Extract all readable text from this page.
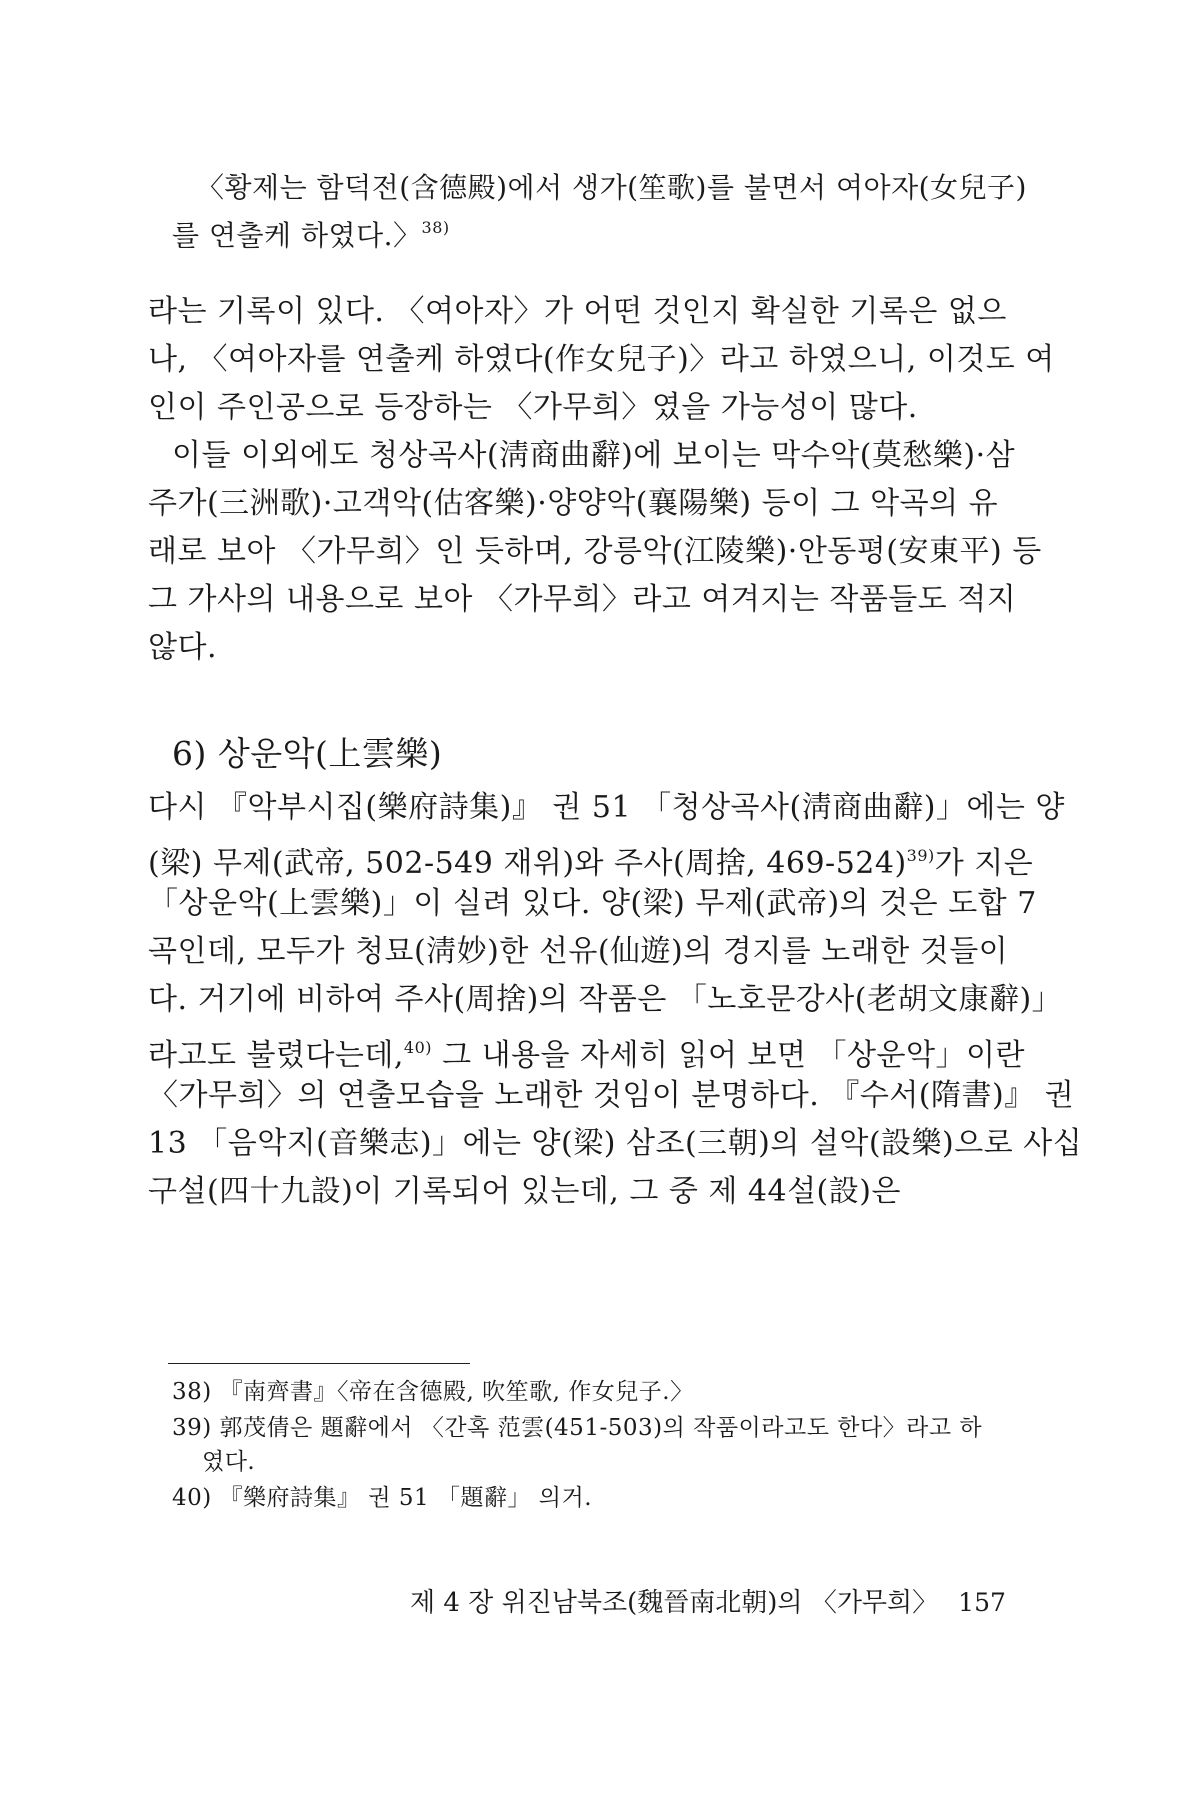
〈황제는 함덕전(含德殿)에서 생가(笙歌)를 불면서 여아자(女兒子)
를 연출케 하였다.〉$^{38)}$
라는 기록이 있다. 〈여아자〉가 어떤 것인지 확실한 기록은 없으
나, 〈여아자를 연출케 하였다(作女兒子)〉라고 하였으니, 이것도 여
인이 주인공으로 등장하는 〈가무희〉였을 가능성이 많다.
이들 이외에도 청상곡사(淸商曲辭)에 보이는 막수악(莫愁樂)·삼
주가(三洲歌)·고객악(估客樂)·양양악(襄陽樂) 등이 그 악곡의 유
래로 보아 〈가무희〉인 듯하며, 강릉악(江陵樂)·안동평(安東平) 등
그 가사의 내용으로 보아 〈가무희〉라고 여겨지는 작품들도 적지
않다.
6) 상운악(上雲樂)
다시 『악부시집(樂府詩集)』 권 51 「청상곡사(淸商曲辭)」에는 양
(梁) 무제(武帝, 502-549 재위)와 주사(周捨, 469-524)$^{39)}$가 지은
「상운악(上雲樂)」이 실려 있다. 양(梁) 무제(武帝)의 것은 도합 7
곡인데, 모두가 청묘(淸妙)한 선유(仙遊)의 경지를 노래한 것들이
다. 거기에 비하여 주사(周捨)의 작품은 「노호문강사(老胡文康辭)」
라고도 불렸다는데,$^{40)}$ 그 내용을 자세히 읽어 보면 「상운악」이란
〈가무희〉의 연출모습을 노래한 것임이 분명하다. 『수서(隋書)』 권
13 「음악지(音樂志)」에는 양(梁) 삼조(三朝)의 설악(設樂)으로 사십
구설(四十九設)이 기록되어 있는데, 그 중 제 44설(設)은
38) 『南齊書』〈帝在含德殿, 吹笙歌, 作女兒子.〉
39) 郭茂倩은 題辭에서 〈간혹 范雲(451-503)의 작품이라고도 한다〉라고 하
였다.
40) 『樂府詩集』 권 51 「題辭」 의거.
제 4 장 위진남북조(魏晉南北朝)의 〈가무희〉 157
